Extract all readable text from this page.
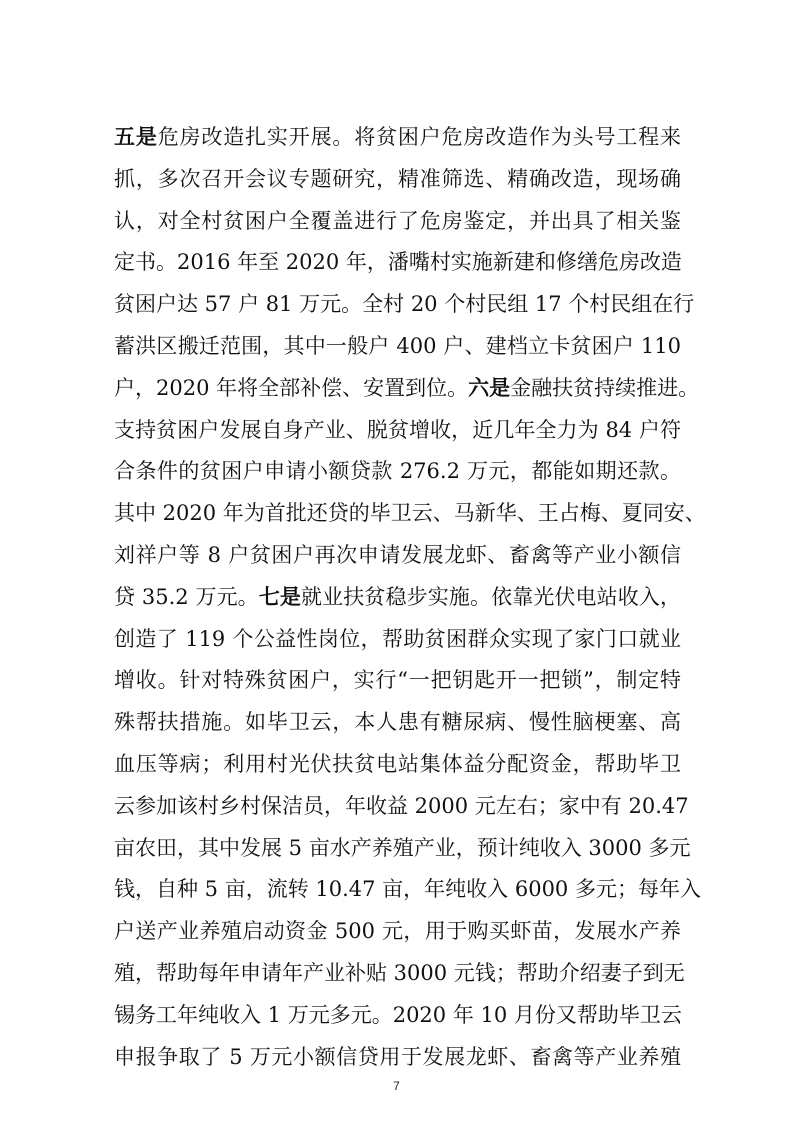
五是危房改造扎实开展。将贫困户危房改造作为头号工程来
抓，多次召开会议专题研究，精准筛选、精确改造，现场确
认，对全村贫困户全覆盖进行了危房鉴定，并出具了相关鉴
定书。2016 年至 2020 年，潘嘴村实施新建和修缮危房改造
贫困户达 57 户 81 万元。全村 20 个村民组 17 个村民组在行
蓄洪区搬迁范围，其中一般户 400 户、建档立卡贫困户 110
户，2020 年将全部补偿、安置到位。六是金融扶贫持续推进。
支持贫困户发展自身产业、脱贫增收，近几年全力为 84 户符
合条件的贫困户申请小额贷款 276.2 万元，都能如期还款。
其中 2020 年为首批还贷的毕卫云、马新华、王占梅、夏同安、
刘祥户等 8 户贫困户再次申请发展龙虾、畜禽等产业小额信
贷 35.2 万元。七是就业扶贫稳步实施。依靠光伏电站收入，
创造了 119 个公益性岗位，帮助贫困群众实现了家门口就业
增收。针对特殊贫困户，实行“一把钥匙开一把锁”，制定特
殊帮扶措施。如毕卫云，本人患有糖尿病、慢性脑梗塞、高
血压等病；利用村光伏扶贫电站集体益分配资金，帮助毕卫
云参加该村乡村保洁员，年收益 2000 元左右；家中有 20.47
亩农田，其中发展 5 亩水产养殖产业，预计纯收入 3000 多元
钱，自种 5 亩，流转 10.47 亩，年纯收入 6000 多元；每年入
户送产业养殖启动资金 500 元，用于购买虾苗，发展水产养
殖，帮助每年申请年产业补贴 3000 元钱；帮助介绍妻子到无
锡务工年纯收入 1 万元多元。2020 年 10 月份又帮助毕卫云
申报争取了 5 万元小额信贷用于发展龙虾、畜禽等产业养殖
7
